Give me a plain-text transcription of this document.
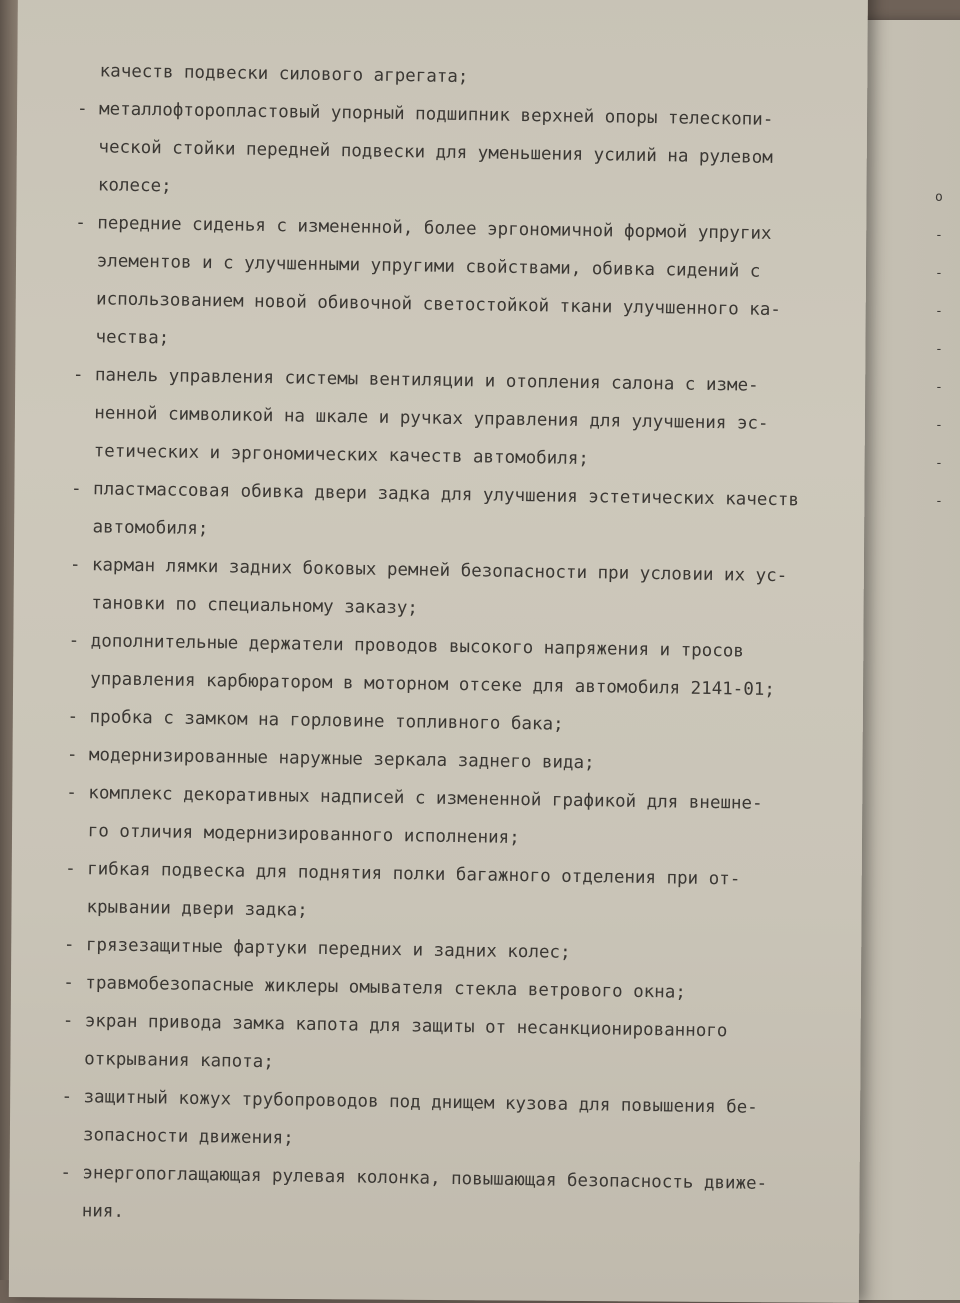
о
-
-
-
-
-
-
-
-
качеств подвески силового агрегата;
- металлофторопластовый упорный подшипник верхней опоры телескопи-
ческой стойки передней подвески для уменьшения усилий на рулевом
колесе;
- передние сиденья с измененной, более эргономичной формой упругих
элементов и с улучшенными упругими свойствами, обивка сидений с
использованием новой обивочной светостойкой ткани улучшенного ка-
чества;
- панель управления системы вентиляции и отопления салона с изме-
ненной символикой на шкале и ручках управления для улучшения эс-
тетических и эргономических качеств автомобиля;
- пластмассовая обивка двери задка для улучшения эстетических качеств
автомобиля;
- карман лямки задних боковых ремней безопасности при условии их ус-
тановки по специальному заказу;
- дополнительные держатели проводов высокого напряжения и тросов
управления карбюратором в моторном отсеке для автомобиля 2141-01;
- пробка с замком на горловине топливного бака;
- модернизированные наружные зеркала заднего вида;
- комплекс декоративных надписей с измененной графикой для внешне-
го отличия модернизированного исполнения;
- гибкая подвеска для поднятия полки багажного отделения при от-
крывании двери задка;
- грязезащитные фартуки передних и задних колес;
- травмобезопасные жиклеры омывателя стекла ветрового окна;
- экран привода замка капота для защиты от несанкционированного
открывания капота;
- защитный кожух трубопроводов под днищем кузова для повышения бе-
зопасности движения;
- энергопоглащающая рулевая колонка, повышающая безопасность движе-
ния.
